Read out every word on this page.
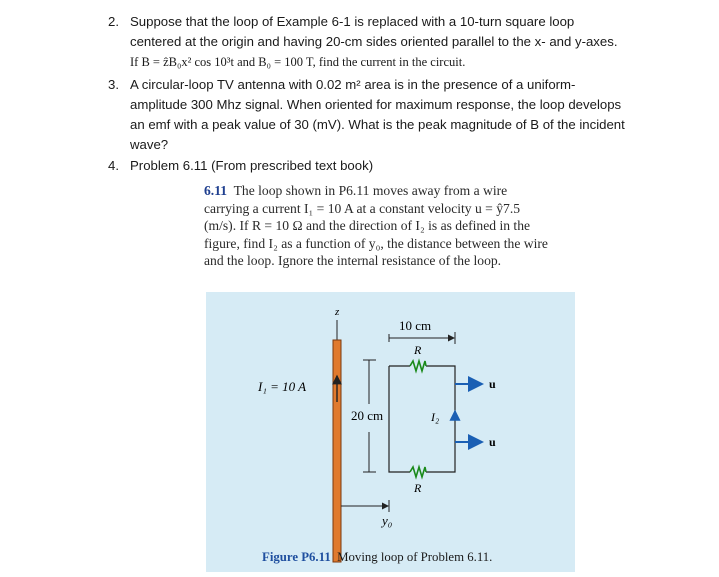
2. Suppose that the loop of Example 6-1 is replaced with a 10-turn square loop
centered at the origin and having 20-cm sides oriented parallel to the x- and y-axes.
If B = ẑB₀x² cos 10³t and B₀ = 100 T, find the current in the circuit.
3. A circular-loop TV antenna with 0.02 m² area is in the presence of a uniform-
amplitude 300 Mhz signal. When oriented for maximum response, the loop develops
an emf with a peak value of 30 (mV). What is the peak magnitude of B of the incident
wave?
4. Problem 6.11 (From prescribed text book)
6.11 The loop shown in P6.11 moves away from a wire
carrying a current I₁ = 10 A at a constant velocity u = ŷ7.5
(m/s). If R = 10 Ω and the direction of I₂ is as defined in the
figure, find I₂ as a function of y₀, the distance between the wire
and the loop. Ignore the internal resistance of the loop.
z
I₁ = 10 A
20 cm
10 cm
R
R
I₂
u
u
y₀
Figure P6.11 Moving loop of Problem 6.11.
